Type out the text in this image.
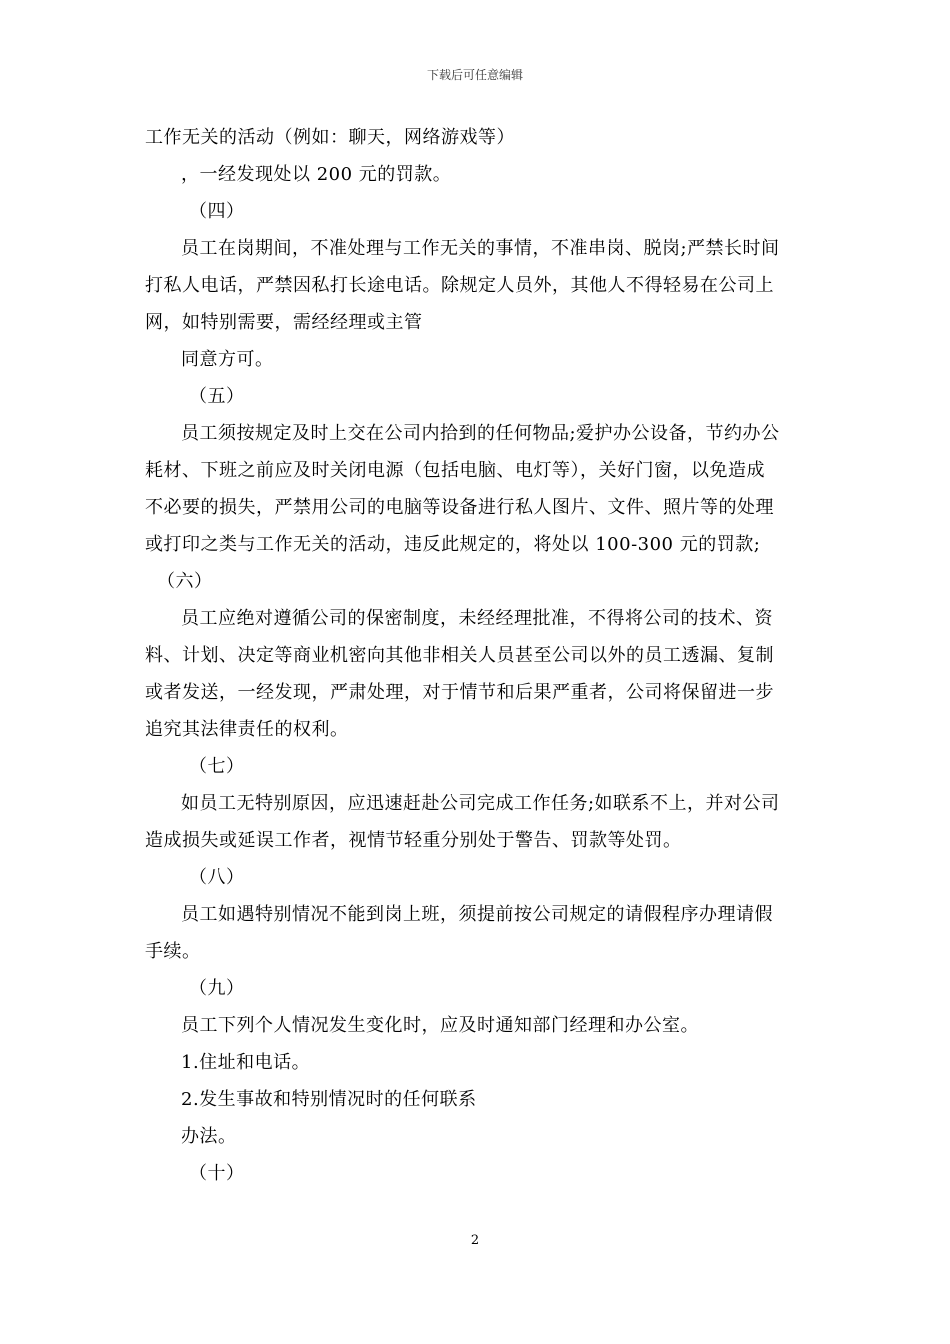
下载后可任意编辑
工作无关的活动（例如：聊天，网络游戏等）
，一经发现处以 200 元的罚款。
（四）
员工在岗期间，不准处理与工作无关的事情，不准串岗、脱岗;严禁长时间
打私人电话，严禁因私打长途电话。除规定人员外，其他人不得轻易在公司上
网，如特别需要，需经经理或主管
同意方可。
（五）
员工须按规定及时上交在公司内拾到的任何物品;爱护办公设备，节约办公
耗材、下班之前应及时关闭电源（包括电脑、电灯等），关好门窗，以免造成
不必要的损失，严禁用公司的电脑等设备进行私人图片、文件、照片等的处理
或打印之类与工作无关的活动，违反此规定的，将处以 100-300 元的罚款;
（六）
员工应绝对遵循公司的保密制度，未经经理批准，不得将公司的技术、资
料、计划、决定等商业机密向其他非相关人员甚至公司以外的员工透漏、复制
或者发送，一经发现，严肃处理，对于情节和后果严重者，公司将保留进一步
追究其法律责任的权利。
（七）
如员工无特别原因，应迅速赶赴公司完成工作任务;如联系不上，并对公司
造成损失或延误工作者，视情节轻重分别处于警告、罚款等处罚。
（八）
员工如遇特别情况不能到岗上班，须提前按公司规定的请假程序办理请假
手续。
（九）
员工下列个人情况发生变化时，应及时通知部门经理和办公室。
1.住址和电话。
2.发生事故和特别情况时的任何联系
办法。
（十）
2
